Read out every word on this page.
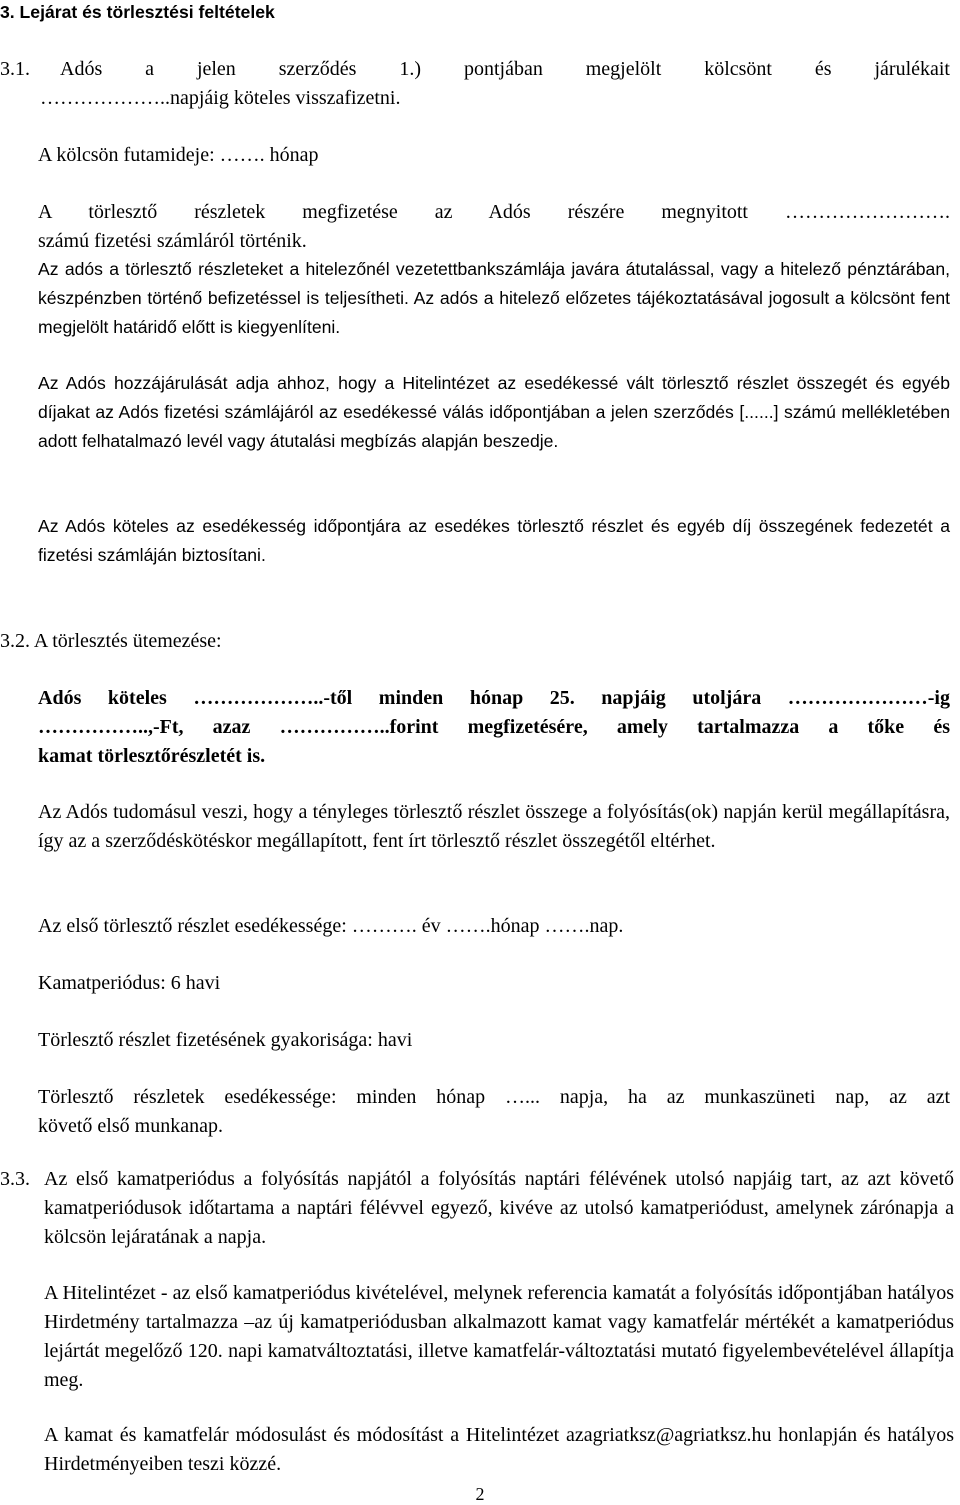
3. Lejárat és törlesztési feltételek
3.1. Adós a jelen szerződés 1.) pontjában megjelölt kölcsönt és járulékait
………………..napjáig köteles visszafizetni.
A kölcsön futamideje: ……. hónap
A törlesztő részletek megfizetése az Adós részére megnyitott …………………….
számú fizetési számláról történik.
Az adós a törlesztő részleteket a hitelezőnél vezetettbankszámlája javára átutalással, vagy a hitelező pénztárában, készpénzben történő befizetéssel is teljesítheti. Az adós a hitelező előzetes tájékoztatásával jogosult a kölcsönt fent megjelölt határidő előtt is kiegyenlíteni.
Az Adós hozzájárulását adja ahhoz, hogy a Hitelintézet az esedékessé vált törlesztő részlet összegét és egyéb díjakat az Adós fizetési számlájáról az esedékessé válás időpontjában a jelen szerződés [......] számú mellékletében adott felhatalmazó levél vagy átutalási megbízás alapján beszedje.
Az Adós köteles az esedékesség időpontjára az esedékes törlesztő részlet és egyéb díj összegének fedezetét a fizetési számláján biztosítani.
3.2. A törlesztés ütemezése:
Adós köteles ………………..-től minden hónap 25. napjáig utoljára …………………-ig
……………..,-Ft, azaz ……………..forint megfizetésére, amely tartalmazza a tőke és
kamat törlesztőrészletét is.
Az Adós tudomásul veszi, hogy a tényleges törlesztő részlet összege a folyósítás(ok) napján kerül megállapításra, így az a szerződéskötéskor megállapított, fent írt törlesztő részlet összegétől eltérhet.
Az első törlesztő részlet esedékessége: ………. év …….hónap …….nap.
Kamatperiódus: 6 havi
Törlesztő részlet fizetésének gyakorisága: havi
Törlesztő részletek esedékessége: minden hónap …... napja, ha az munkaszüneti nap, az azt
követő első munkanap.
3.3. Az első kamatperiódus a folyósítás napjától a folyósítás naptári félévének utolsó napjáig tart, az azt követő kamatperiódusok időtartama a naptári félévvel egyező, kivéve az utolsó kamatperiódust, amelynek zárónapja a kölcsön lejáratának a napja.
A Hitelintézet - az első kamatperiódus kivételével, melynek referencia kamatát a folyósítás időpontjában hatályos Hirdetmény tartalmazza –az új kamatperiódusban alkalmazott kamat vagy kamatfelár mértékét a kamatperiódus lejártát megelőző 120. napi kamatváltoztatási, illetve kamatfelár-változtatási mutató figyelembevételével állapítja meg.
A kamat és kamatfelár módosulást és módosítást a Hitelintézet azagriatksz@agriatksz.hu honlapján és hatályos Hirdetményeiben teszi közzé.
2
